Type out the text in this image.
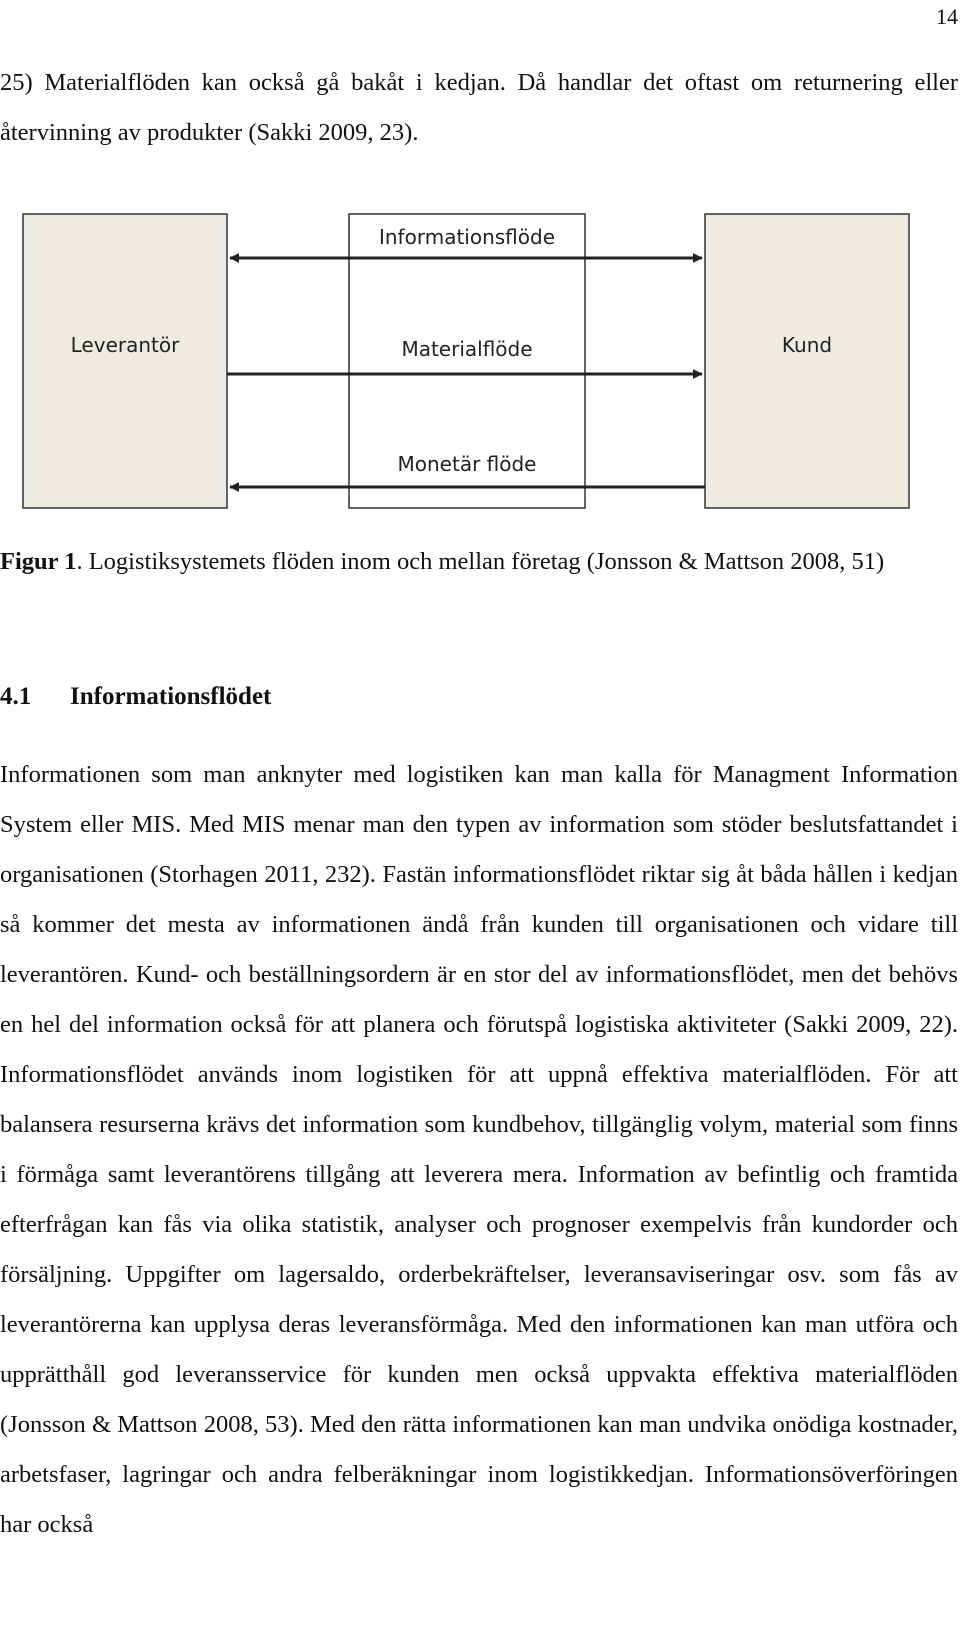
14

25) Materialflöden kan också gå bakåt i kedjan. Då handlar det oftast om returnering eller återvinning av produkter (Sakki 2009, 23).

Leverantör	Kund
Informationsflöde
Materialflöde
Monetär flöde

Figur 1. Logistiksystemets flöden inom och mellan företag (Jonsson & Mattson 2008, 51)

4.1 Informationsflödet

Informationen som man anknyter med logistiken kan man kalla för Managment Information System eller MIS. Med MIS menar man den typen av information som stöder beslutsfattandet i organisationen (Storhagen 2011, 232). Fastän informationsflödet riktar sig åt båda hållen i kedjan så kommer det mesta av informationen ändå från kunden till organisationen och vidare till leverantören. Kund- och beställningsordern är en stor del av informationsflödet, men det behövs en hel del information också för att planera och förutspå logistiska aktiviteter (Sakki 2009, 22). Informationsflödet används inom logistiken för att uppnå effektiva materialflöden. För att balansera resurserna krävs det information som kundbehov, tillgänglig volym, material som finns i förmåga samt leverantörens tillgång att leverera mera. Information av befintlig och framtida efterfrågan kan fås via olika statistik, analyser och prognoser exempelvis från kundorder och försäljning. Uppgifter om lagersaldo, orderbekräftelser, leveransaviseringar osv. som fås av leverantörerna kan upplysa deras leveransförmåga. Med den informationen kan man utföra och upprätthåll god leveransservice för kunden men också uppvakta effektiva materialflöden (Jonsson & Mattson 2008, 53). Med den rätta informationen kan man undvika onödiga kostnader, arbetsfaser, lagringar och andra felberäkningar inom logistikkedjan. Informationsöverföringen har också
